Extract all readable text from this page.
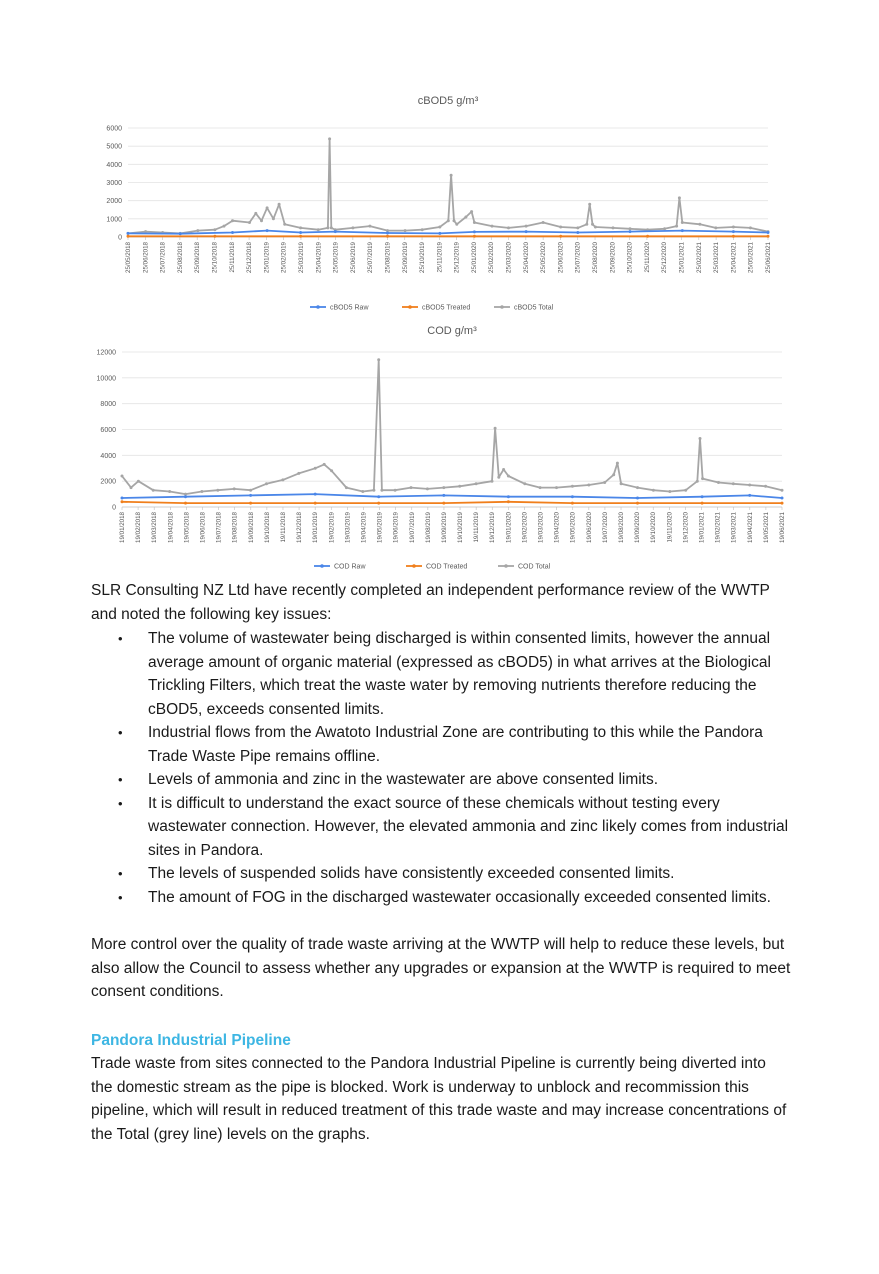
cBOD5 g/m³
0
1000
2000
3000
4000
5000
6000
25/05/2018 25/06/2018 25/07/2018 25/08/2018 25/09/2018 25/10/2018 25/11/2018 25/12/2018 25/01/2019 25/02/2019 25/03/2019 25/04/2019 25/05/2019 25/06/2019 25/07/2019 25/08/2019 25/09/2019 25/10/2019 25/11/2019 25/12/2019 25/01/2020 25/02/2020 25/03/2020 25/04/2020 25/05/2020 25/06/2020 25/07/2020 25/08/2020 25/09/2020 25/10/2020 25/11/2020 25/12/2020 25/01/2021 25/02/2021 25/03/2021 25/04/2021 25/05/2021 25/06/2021
cBOD5 Raw	cBOD5 Treated	cBOD5 Total
COD g/m³
0
2000
4000
6000
8000
10000
12000
19/01/2018 19/02/2018 19/03/2018 19/04/2018 19/05/2018 19/06/2018 19/07/2018 19/08/2018 19/09/2018 19/10/2018 19/11/2018 19/12/2018 19/01/2019 19/02/2019 19/03/2019 19/04/2019 19/05/2019 19/06/2019 19/07/2019 19/08/2019 19/09/2019 19/10/2019 19/11/2019 19/12/2019 19/01/2020 19/02/2020 19/03/2020 19/04/2020 19/05/2020 19/06/2020 19/07/2020 19/08/2020 19/09/2020 19/10/2020 19/11/2020 19/12/2020 19/01/2021 19/02/2021 19/03/2021 19/04/2021 19/05/2021 19/06/2021
COD Raw	COD Treated	COD Total

SLR Consulting NZ Ltd have recently completed an independent performance review of the WWTP and noted the following key issues:

• The volume of wastewater being discharged is within consented limits, however the annual average amount of organic material (expressed as cBOD5) in what arrives at the Biological Trickling Filters, which treat the waste water by removing nutrients therefore reducing the cBOD5, exceeds consented limits.
• Industrial flows from the Awatoto Industrial Zone are contributing to this while the Pandora Trade Waste Pipe remains offline.
• Levels of ammonia and zinc in the wastewater are above consented limits.
• It is difficult to understand the exact source of these chemicals without testing every wastewater connection. However, the elevated ammonia and zinc likely comes from industrial sites in Pandora.
• The levels of suspended solids have consistently exceeded consented limits.
• The amount of FOG in the discharged wastewater occasionally exceeded consented limits.

More control over the quality of trade waste arriving at the WWTP will help to reduce these levels, but also allow the Council to assess whether any upgrades or expansion at the WWTP is required to meet consent conditions.

Pandora Industrial Pipeline

Trade waste from sites connected to the Pandora Industrial Pipeline is currently being diverted into the domestic stream as the pipe is blocked. Work is underway to unblock and recommission this pipeline, which will result in reduced treatment of this trade waste and may increase concentrations of the Total (grey line) levels on the graphs.
